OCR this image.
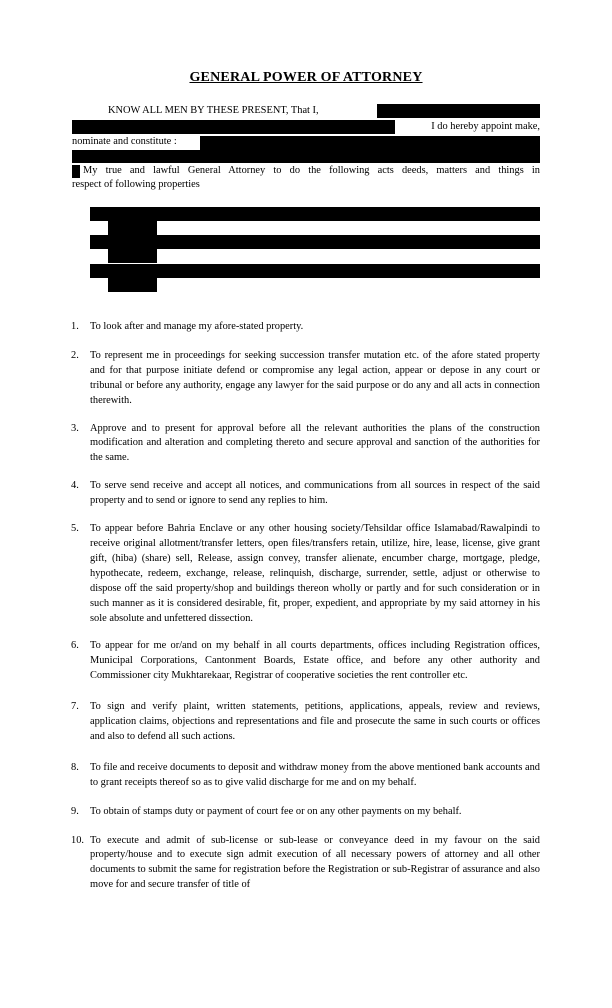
GENERAL POWER OF ATTORNEY
KNOW ALL MEN BY THESE PRESENT, That I,
I do hereby appoint make,
nominate and constitute :
My true and lawful General Attorney to do the following acts deeds, matters and things in
respect of following properties
1. To look after and manage my afore-stated property.
2. To represent me in proceedings for seeking succession transfer mutation etc. of the afore stated property and for that purpose initiate defend or compromise any legal action, appear or depose in any court or tribunal or before any authority, engage any lawyer for the said purpose or do any and all acts in connection therewith.
3. Approve and to present for approval before all the relevant authorities the plans of the construction modification and alteration and completing thereto and secure approval and sanction of the authorities for the same.
4. To serve send receive and accept all notices, and communications from all sources in respect of the said property and to send or ignore to send any replies to him.
5. To appear before Bahria Enclave or any other housing society/Tehsildar office Islamabad/Rawalpindi to receive original allotment/transfer letters, open files/transfers retain, utilize, hire, lease, license, give grant gift, (hiba) (share) sell, Release, assign convey, transfer alienate, encumber charge, mortgage, pledge, hypothecate, redeem, exchange, release, relinquish, discharge, surrender, settle, adjust or otherwise to dispose off the said property/shop and buildings thereon wholly or partly and for such consideration or in such manner as it is considered desirable, fit, proper, expedient, and appropriate by my said attorney in his sole absolute and unfettered dissection.
6. To appear for me or/and on my behalf in all courts departments, offices including Registration offices, Municipal Corporations, Cantonment Boards, Estate office, and before any other authority and Commissioner city Mukhtarekaar, Registrar of cooperative societies the rent controller etc.
7. To sign and verify plaint, written statements, petitions, applications, appeals, review and reviews, application claims, objections and representations and file and prosecute the same in such courts or offices and also to defend all such actions.
8. To file and receive documents to deposit and withdraw money from the above mentioned bank accounts and to grant receipts thereof so as to give valid discharge for me and on my behalf.
9. To obtain of stamps duty or payment of court fee or on any other payments on my behalf.
10. To execute and admit of sub-license or sub-lease or conveyance deed in my favour on the said property/house and to execute sign admit execution of all necessary powers of attorney and all other documents to submit the same for registration before the Registration or sub-Registrar of assurance and also move for and secure transfer of title of
